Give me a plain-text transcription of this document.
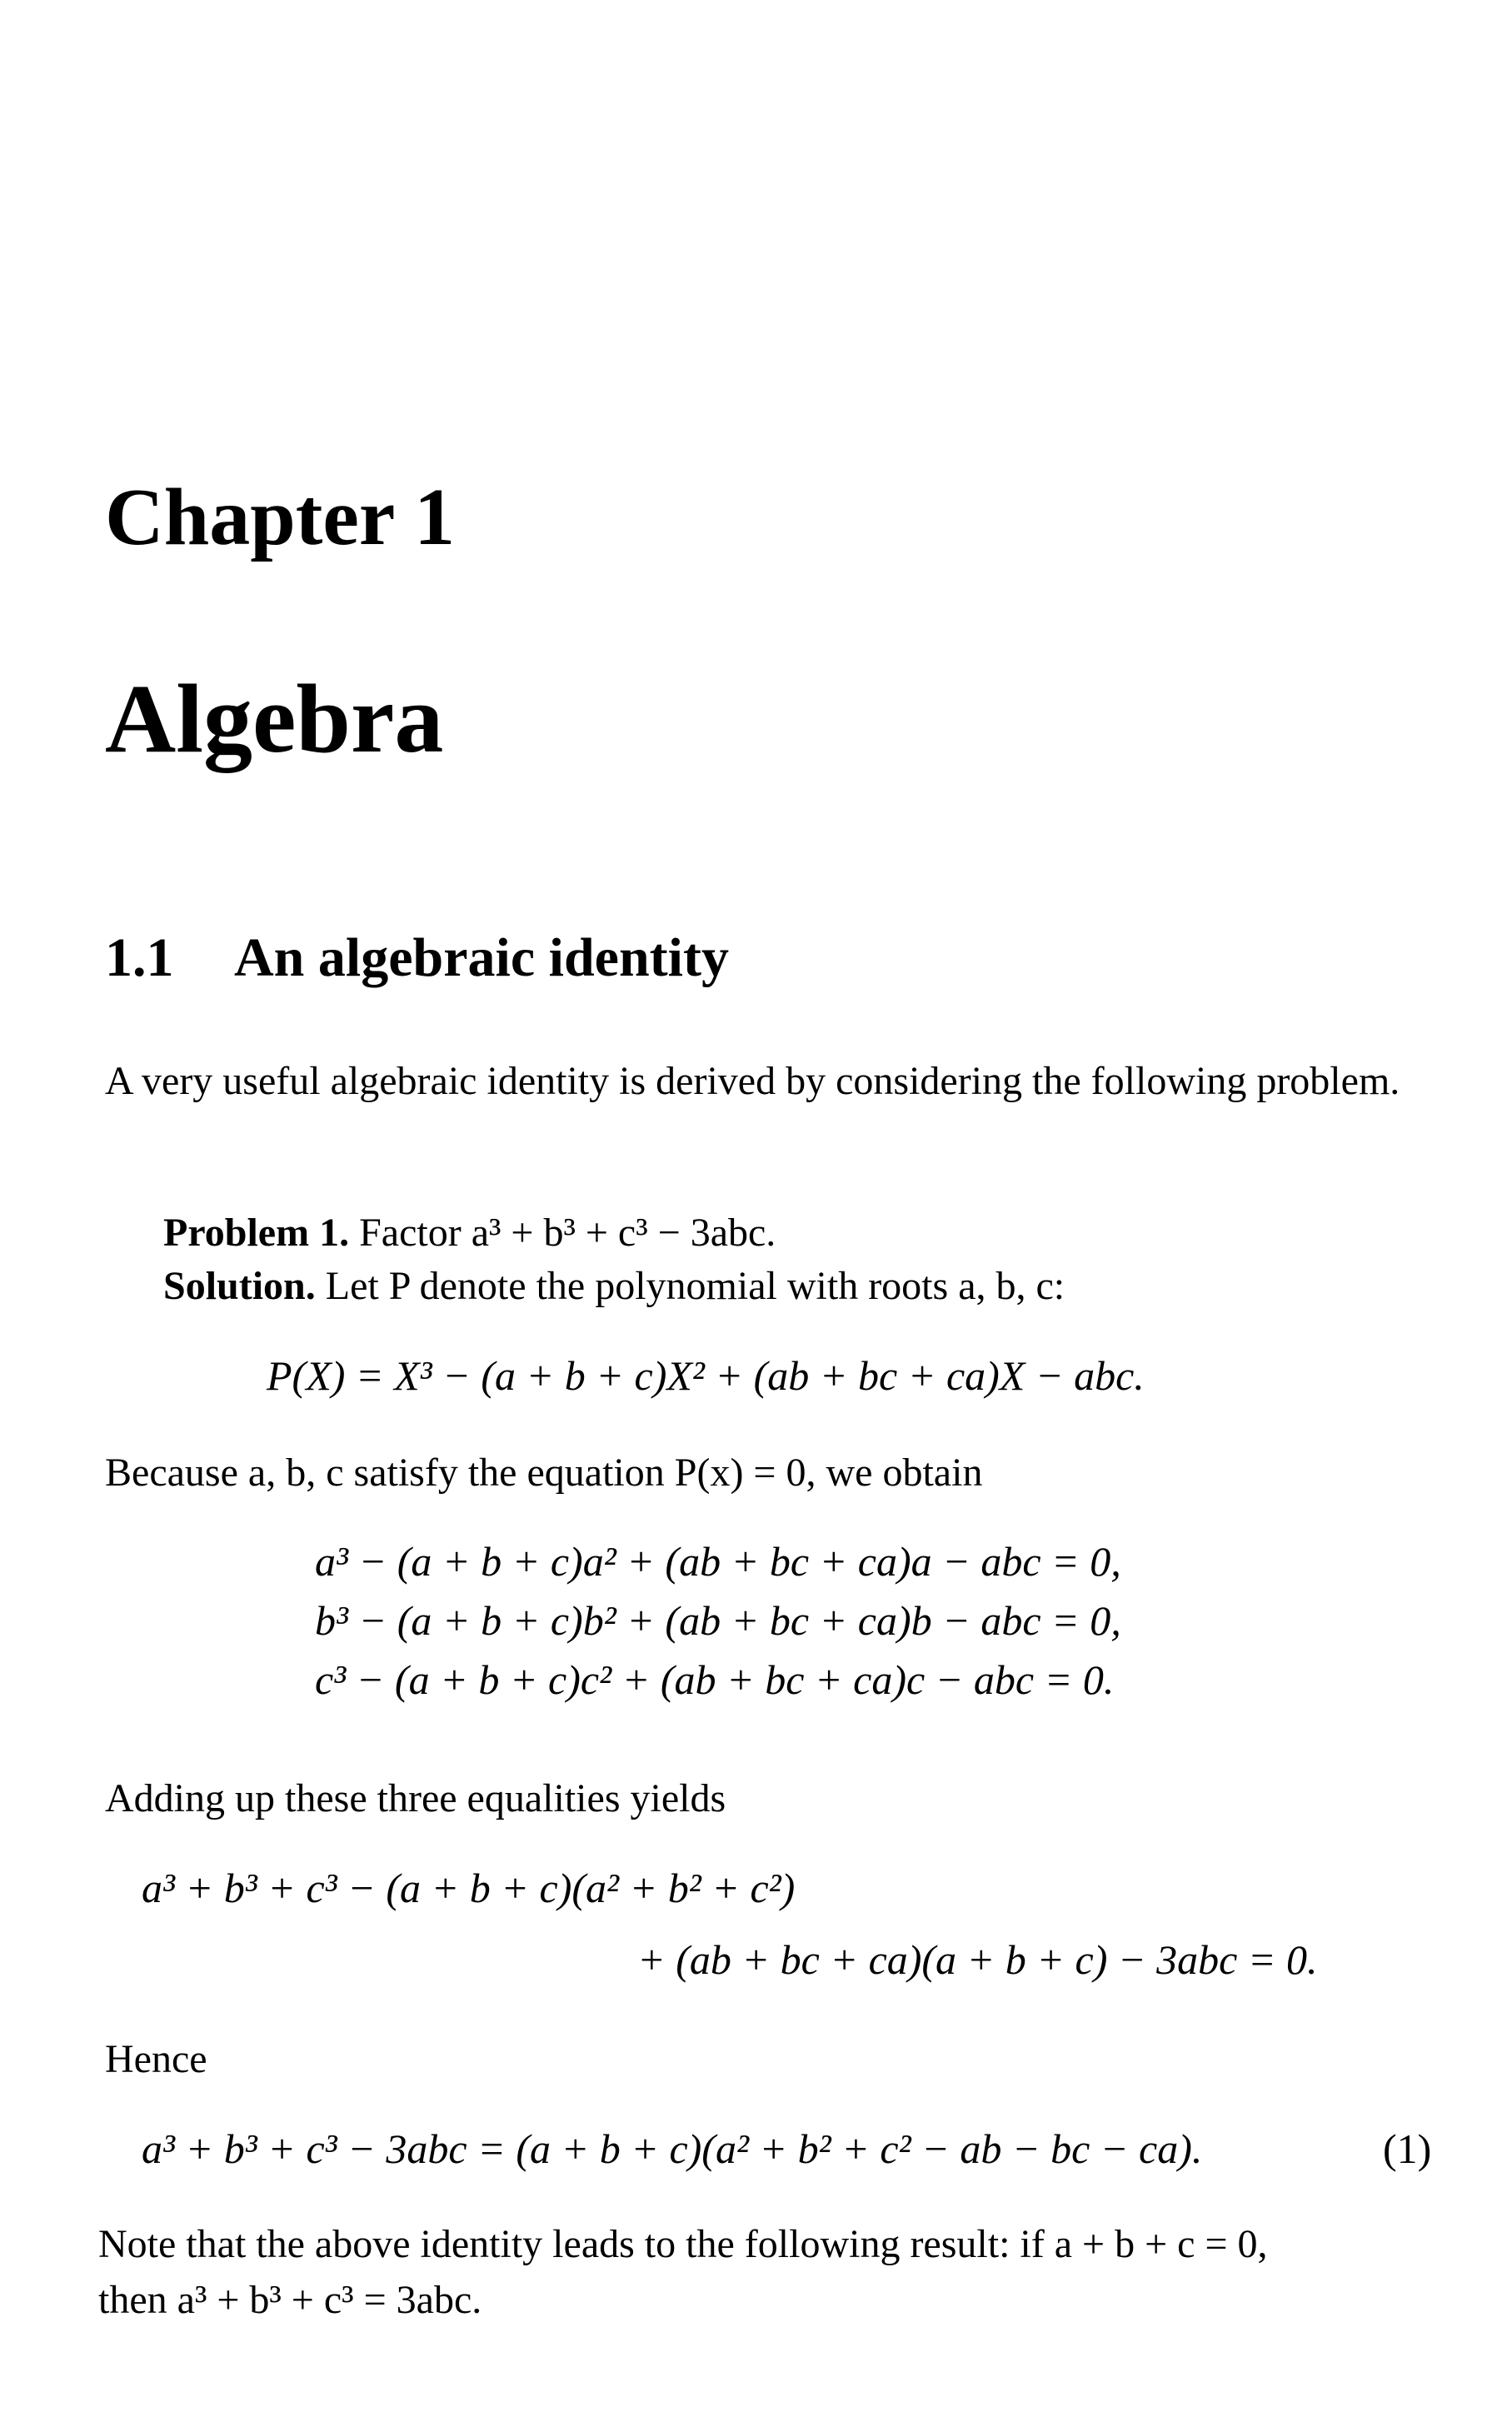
Chapter 1
Algebra
1.1 An algebraic identity
A very useful algebraic identity is derived by considering the following problem.
Problem 1. Factor a³ + b³ + c³ − 3abc.
Solution. Let P denote the polynomial with roots a, b, c:
P(X) = X³ − (a + b + c)X² + (ab + bc + ca)X − abc.
Because a, b, c satisfy the equation P(x) = 0, we obtain
a³ − (a + b + c)a² + (ab + bc + ca)a − abc = 0,
b³ − (a + b + c)b² + (ab + bc + ca)b − abc = 0,
c³ − (a + b + c)c² + (ab + bc + ca)c − abc = 0.
Adding up these three equalities yields
a³ + b³ + c³ − (a + b + c)(a² + b² + c²)
+ (ab + bc + ca)(a + b + c) − 3abc = 0.
Hence
a³ + b³ + c³ − 3abc = (a + b + c)(a² + b² + c² − ab − bc − ca).	(1)
Note that the above identity leads to the following result: if a + b + c = 0,
then a³ + b³ + c³ = 3abc.
